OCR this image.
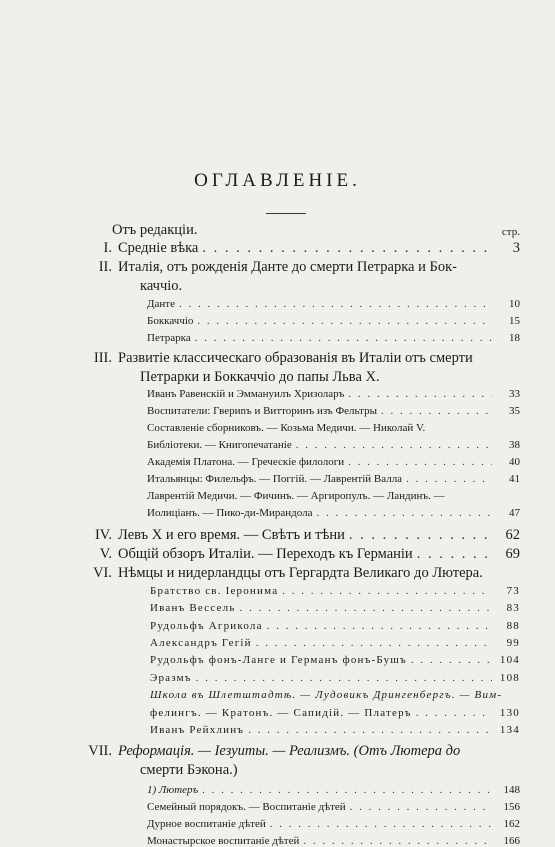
ОГЛАВЛЕНІЕ.
стр.
Отъ редакціи.
I. Средніе вѣка . . .	3
II. Италія, отъ рожденія Данте до смерти Петрарка и Бок-
каччіо.
Данте . . .	10
Боккаччіо . . .	15
Петрарка . . .	18
III. Развитіе классическаго образованія въ Италіи отъ смерти
Петрарки и Боккаччіо до папы Льва X.
Иванъ Равенскій и Эммануилъ Хризоларъ . . .	33
Воспитатели: Гвериnъ и Витторинъ изъ Фельтры . . .	35
Составленіе сборниковъ. — Козьма Медичи. — Николай V.
Библіотеки. — Книгопечатаніе . . .	38
Академія Платона. — Греческіе филологи . . .	40
Итальянцы: Филельфъ. — Поггій. — Лаврентій Валла . . .	41
Лаврентій Медичи. — Фичинъ. — Аргиропулъ. — Ландинъ. —
Иолиціанъ. — Пико-ди-Мирандола . . .	47
IV. Левъ X и его время. — Свѣтъ и тѣни . . .	62
V. Общій обзоръ Италіи. — Переходъ къ Германіи . . .	69
VI. Нѣмцы и нидерландцы отъ Гергардта Великаго до Лютера.
Братство св. Іеронима . . .	73
Иванъ Вессель . . .	83
Рудольфъ Агрикола . . .	88
Александръ Гегій . . .	99
Рудольфъ фонъ-Ланге и Германъ фонъ-Бушъ . . .	104
Эразмъ . . .	108
Школа въ Шлетштадтѣ. — Лудовикъ Дрингенбергъ. — Вим-
фелингъ. — Кратонъ. — Сапидій. — Платеръ . . .	130
Иванъ Рейхлинъ . . .	134
VII. Реформація. — Іезуиты. — Реализмъ. (Отъ Лютера до
смерти Бэкона.)
1) Лютеръ . . .	148
Семейный порядокъ. — Воспитаніе дѣтей . . .	156
Дурное воспитаніе дѣтей . . .	162
Монастырское воспитаніе дѣтей . . .	166
